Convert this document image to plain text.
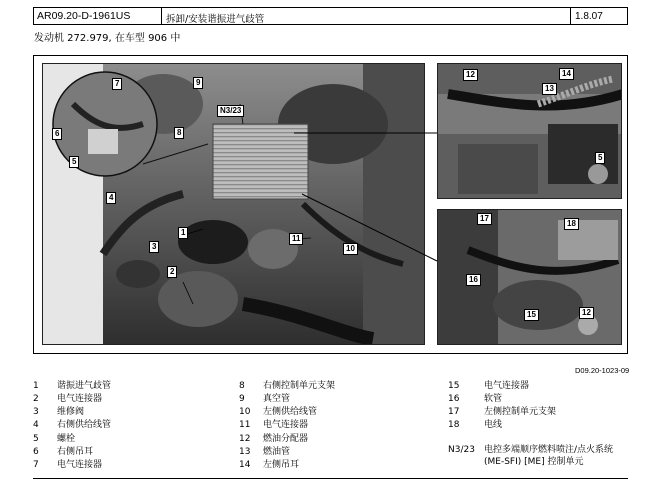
AR09.20-D-1961US	拆卸/安装谐振进气歧管	1.8.07
发动机 272.979, 在车型 906 中
7	9
N3/23
8
6
5
4
3
1
2
11
10
12	14
13
5
17
18
16
15	12
D09.20-1023-09
1 谐振进气歧管
2 电气连接器
3 维修阀
4 右侧供给线管
5 螺栓
6 右侧吊耳
7 电气连接器
8 右侧控制单元支架
9 真空管
10 左侧供给线管
11 电气连接器
12 燃油分配器
13 燃油管
14 左侧吊耳
15	电气连接器
16	软管
17	左侧控制单元支架
18	电线
N3/23 电控多端顺序燃料喷注/点火系统 (ME-SFI) [ME] 控制单元
